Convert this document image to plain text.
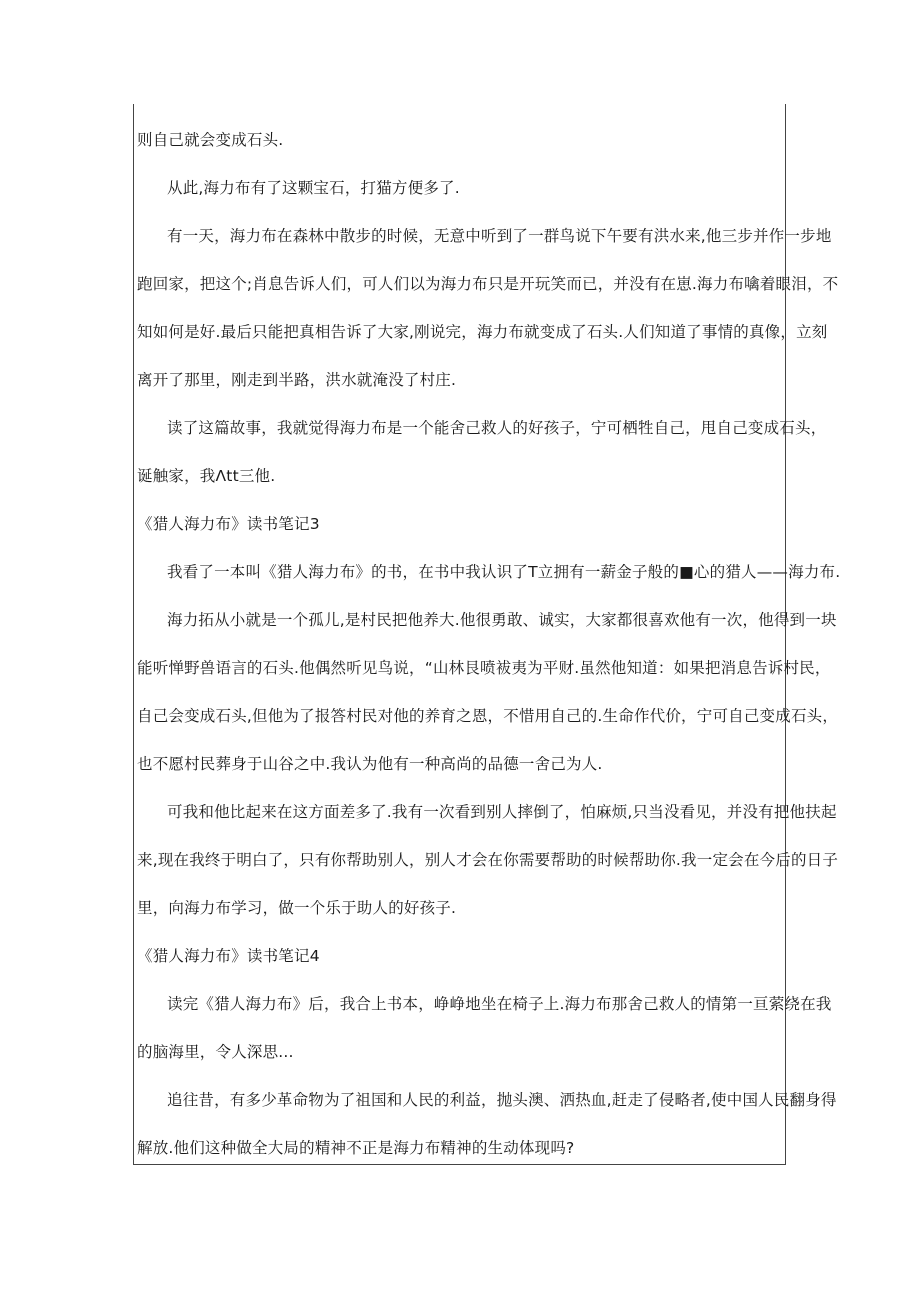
则自己就会变成石头.
从此,海力布有了这颗宝石，打猫方便多了.
有一天，海力布在森林中散步的时候，无意中听到了一群鸟说下午要有洪水来,他三步并作一步地
跑回家，把这个;肖息告诉人们，可人们以为海力布只是开玩笑而已，并没有在崽.海力布噙着眼泪，不
知如何是好.最后只能把真相告诉了大家,刚说完，海力布就变成了石头.人们知道了事情的真像，立刻
离开了那里，刚走到半路，洪水就淹没了村庄.
读了这篇故事，我就觉得海力布是一个能舍己救人的好孩子，宁可栖牲自己，甩自己变成石头，
诞触家，我Λtt三他.
《猎人海力布》读书笔记3
我看了一本叫《猎人海力布》的书，在书中我认识了T立拥有一薪金子般的■心的猎人——海力布.
海力拓从小就是一个孤儿,是村民把他养大.他很勇敢、诚实，大家都很喜欢他有一次，他得到一块
能听惮野兽语言的石头.他偶然听见鸟说，“山林艮喷袚夷为平财.虽然他知道：如果把消息告诉村民，
自己会变成石头,但他为了报答村民对他的养育之恩，不惜用自己的.生命作代价，宁可自己变成石头，
也不愿村民葬身于山谷之中.我认为他有一种高尚的品德一舍己为人.
可我和他比起来在这方面差多了.我有一次看到别人摔倒了，怕麻烦,只当没看见，并没有把他扶起
来,现在我终于明白了，只有你帮助别人，别人才会在你需要帮助的时候帮助你.我一定会在今后的日子
里，向海力布学习，做一个乐于助人的好孩子.
《猎人海力布》读书笔记4
读完《猎人海力布》后，我合上书本，峥峥地坐在椅子上.海力布那舍己救人的情第一亘萦绕在我
的脑海里，令人深思...
追往昔，有多少革命物为了祖国和人民的利益，抛头澳、洒热血,赶走了侵略者,使中国人民翻身得
解放.他们这种做全大局的精神不正是海力布精神的生动体现吗?
